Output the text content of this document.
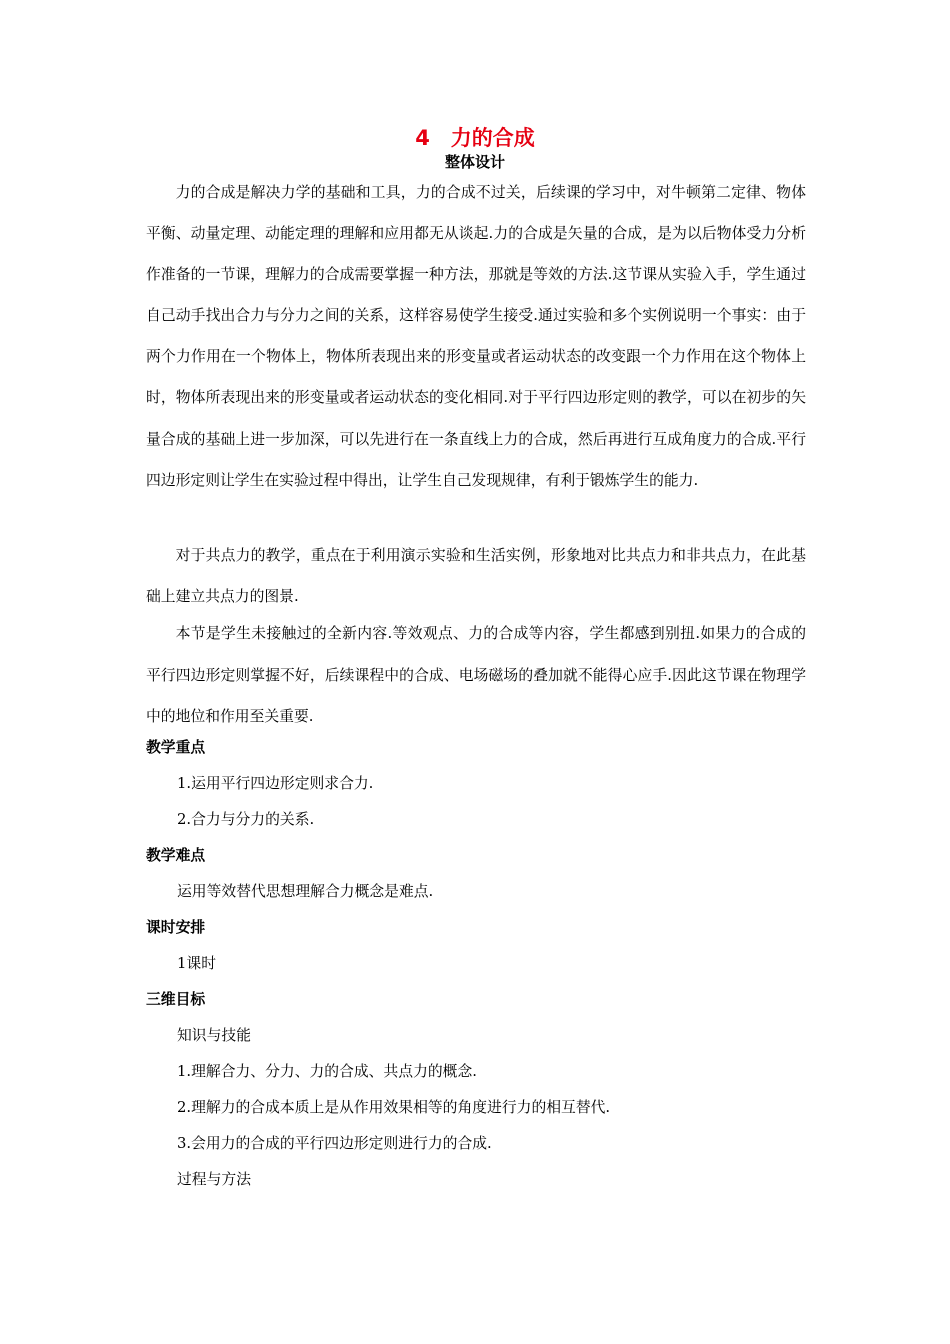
4　力的合成
整体设计
力的合成是解决力学的基础和工具，力的合成不过关，后续课的学习中，对牛顿第二定律、物体平衡、动量定理、动能定理的理解和应用都无从谈起.力的合成是矢量的合成，是为以后物体受力分析作准备的一节课，理解力的合成需要掌握一种方法，那就是等效的方法.这节课从实验入手，学生通过自己动手找出合力与分力之间的关系，这样容易使学生接受.通过实验和多个实例说明一个事实：由于两个力作用在一个物体上，物体所表现出来的形变量或者运动状态的改变跟一个力作用在这个物体上时，物体所表现出来的形变量或者运动状态的变化相同.对于平行四边形定则的教学，可以在初步的矢量合成的基础上进一步加深，可以先进行在一条直线上力的合成，然后再进行互成角度力的合成.平行四边形定则让学生在实验过程中得出，让学生自己发现规律，有利于锻炼学生的能力.
对于共点力的教学，重点在于利用演示实验和生活实例，形象地对比共点力和非共点力，在此基础上建立共点力的图景.
本节是学生未接触过的全新内容.等效观点、力的合成等内容，学生都感到别扭.如果力的合成的平行四边形定则掌握不好，后续课程中的合成、电场磁场的叠加就不能得心应手.因此这节课在物理学中的地位和作用至关重要.
教学重点
1.运用平行四边形定则求合力.
2.合力与分力的关系.
教学难点
运用等效替代思想理解合力概念是难点.
课时安排
1课时
三维目标
知识与技能
1.理解合力、分力、力的合成、共点力的概念.
2.理解力的合成本质上是从作用效果相等的角度进行力的相互替代.
3.会用力的合成的平行四边形定则进行力的合成.
过程与方法
